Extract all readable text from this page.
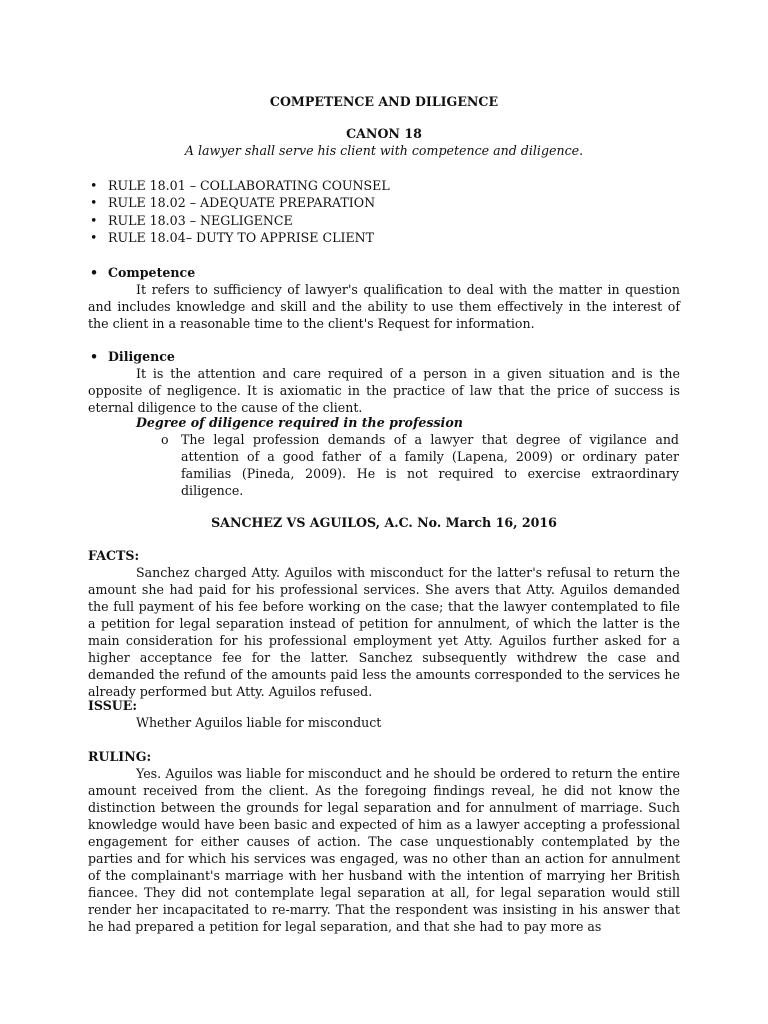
COMPETENCE AND DILIGENCE
CANON 18
A lawyer shall serve his client with competence and diligence.
• RULE 18.01 – COLLABORATING COUNSEL
• RULE 18.02 – ADEQUATE PREPARATION
• RULE 18.03 – NEGLIGENCE
• RULE 18.04– DUTY TO APPRISE CLIENT
• Competence

It refers to sufficiency of lawyer's qualification to deal with the matter in question and includes knowledge and skill and the ability to use them effectively in the interest of the client in a reasonable time to the client's Request for information.

• Diligence

It is the attention and care required of a person in a given situation and is the opposite of negligence. It is axiomatic in the practice of law that the price of success is eternal diligence to the cause of the client.

Degree of diligence required in the profession
o The legal profession demands of a lawyer that degree of vigilance and attention of a good father of a family (Lapena, 2009) or ordinary pater familias (Pineda, 2009). He is not required to exercise extraordinary diligence.

SANCHEZ VS AGUILOS, A.C. No. March 16, 2016
FACTS:

Sanchez charged Atty. Aguilos with misconduct for the latter's refusal to return the amount she had paid for his professional services. She avers that Atty. Aguilos demanded the full payment of his fee before working on the case; that the lawyer contemplated to file a petition for legal separation instead of petition for annulment, of which the latter is the main consideration for his professional employment yet Atty. Aguilos further asked for a higher acceptance fee for the latter. Sanchez subsequently withdrew the case and demanded the refund of the amounts paid less the amounts corresponded to the services he already performed but Atty. Aguilos refused.

ISSUE:
Whether Aguilos liable for misconduct
RULING:

Yes. Aguilos was liable for misconduct and he should be ordered to return the entire amount received from the client. As the foregoing findings reveal, he did not know the distinction between the grounds for legal separation and for annulment of marriage. Such knowledge would have been basic and expected of him as a lawyer accepting a professional engagement for either causes of action. The case unquestionably contemplated by the parties and for which his services was engaged, was no other than an action for annulment of the complainant's marriage with her husband with the intention of marrying her British fiancee. They did not contemplate legal separation at all, for legal separation would still render her incapacitated to re-marry. That the respondent was insisting in his answer that he had prepared a petition for legal separation, and that she had to pay more as
